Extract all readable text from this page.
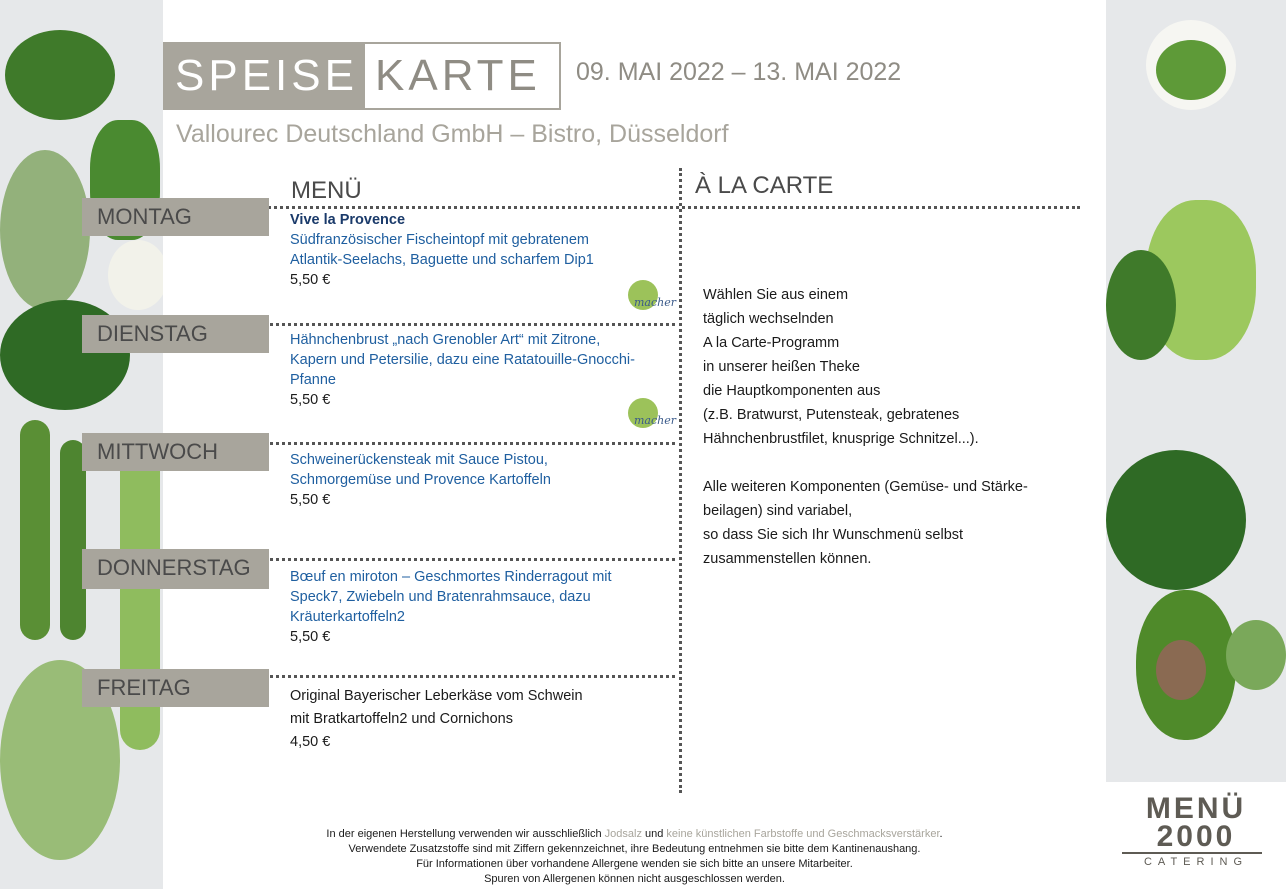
SPEISE KARTE 09. MAI 2022 – 13. MAI 2022
Vallourec Deutschland GmbH – Bistro, Düsseldorf
MENÜ	À LA CARTE
MONTAG
DIENSTAG
MITTWOCH
DONNERSTAG
FREITAG
Vive la Provence
Südfranzösischer Fischeintopf mit gebratenem
Atlantik-Seelachs, Baguette und scharfem Dip1
5,50 €
macher
Hähnchenbrust „nach Grenobler Art“ mit Zitrone,
Kapern und Petersilie, dazu eine Ratatouille-Gnocchi-
Pfanne
5,50 €
macher
Schweinerückensteak mit Sauce Pistou,
Schmorgemüse und Provence Kartoffeln
5,50 €
Bœuf en miroton – Geschmortes Rinderragout mit
Speck7, Zwiebeln und Bratenrahmsauce, dazu
Kräuterkartoffeln2
5,50 €
Original Bayerischer Leberkäse vom Schwein
mit Bratkartoffeln2 und Cornichons
4,50 €
Wählen Sie aus einem
täglich wechselnden
A la Carte-Programm
in unserer heißen Theke
die Hauptkomponenten aus
(z.B. Bratwurst, Putensteak, gebratenes
Hähnchenbrustfilet, knusprige Schnitzel...).
Alle weiteren Komponenten (Gemüse- und Stärke-
beilagen) sind variabel,
so dass Sie sich Ihr Wunschmenü selbst
zusammenstellen können.
In der eigenen Herstellung verwenden wir ausschließlich Jodsalz und keine künstlichen Farbstoffe und Geschmacksverstärker.
Verwendete Zusatzstoffe sind mit Ziffern gekennzeichnet, ihre Bedeutung entnehmen sie bitte dem Kantinenaushang.
Für Informationen über vorhandene Allergene wenden sie sich bitte an unsere Mitarbeiter.
Spuren von Allergenen können nicht ausgeschlossen werden.
MENÜ
2000
CATERING
